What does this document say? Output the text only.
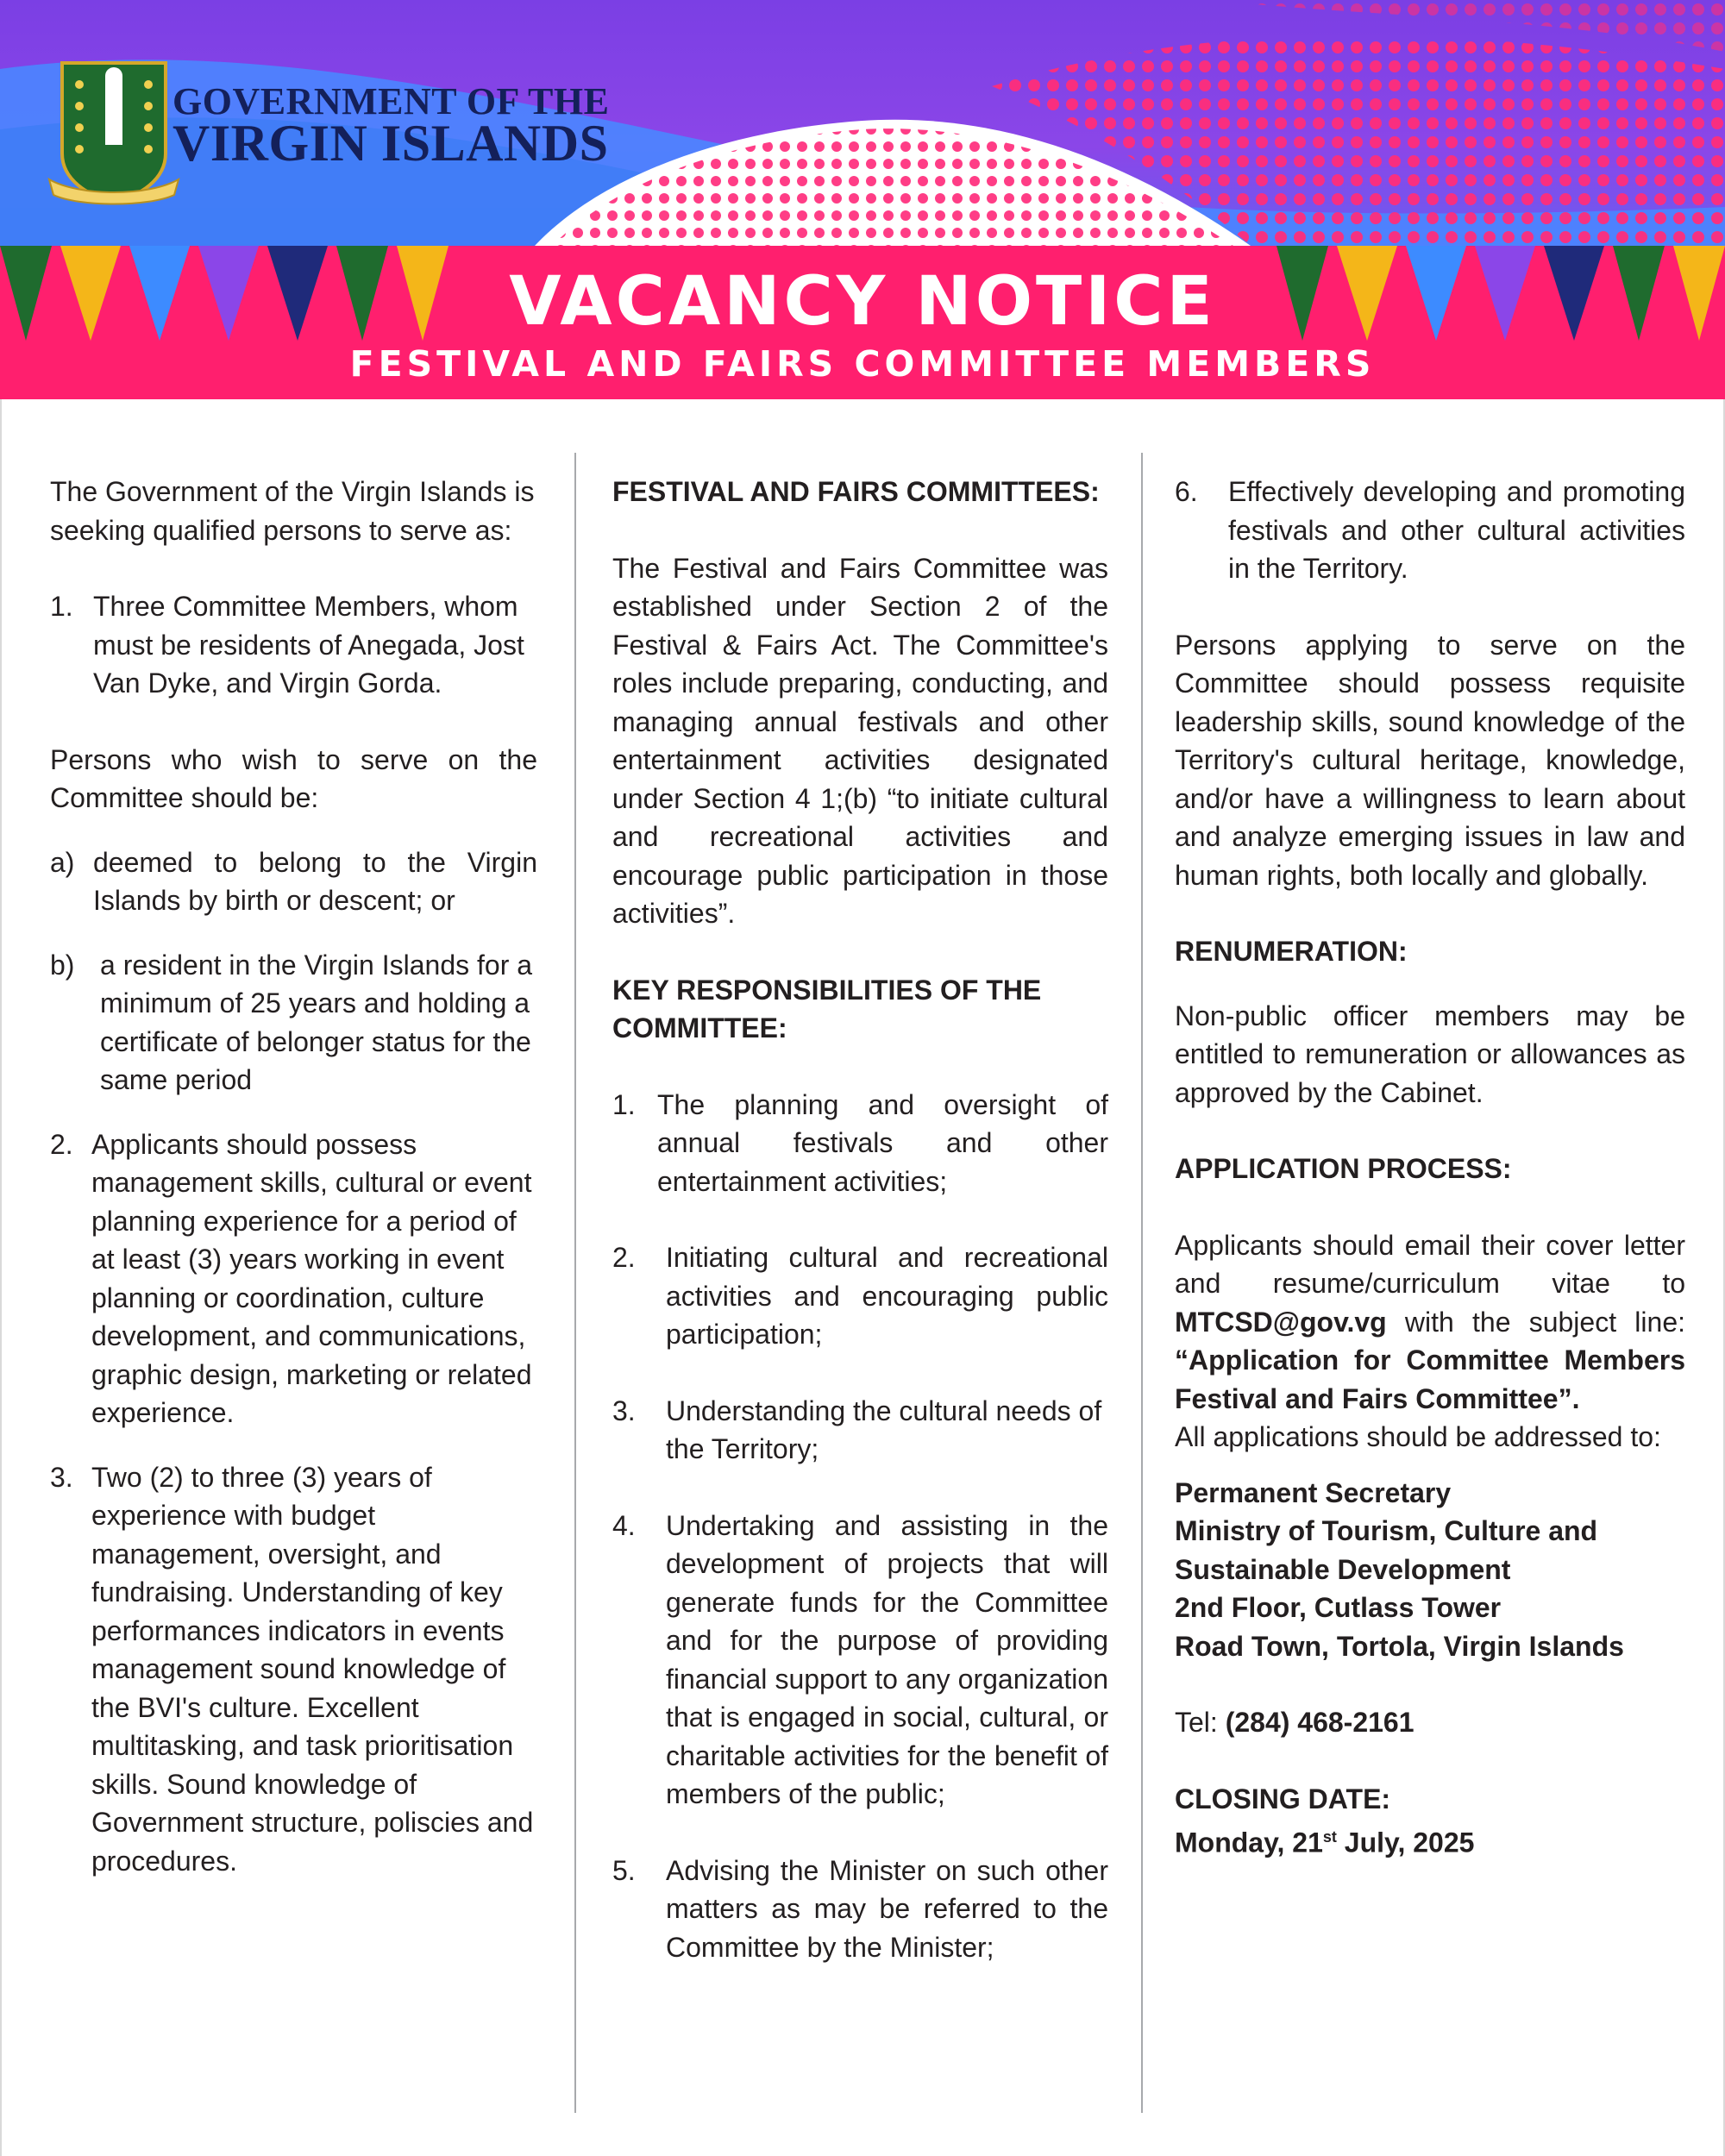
GOVERNMENT OF THE
VIRGIN ISLANDS
VACANCY NOTICE
FESTIVAL AND FAIRS COMMITTEE MEMBERS

The Government of the Virgin Islands is seeking qualified persons to serve as:

1. Three Committee Members, whom must be residents of Anegada, Jost Van Dyke, and Virgin Gorda.

Persons who wish to serve on the Committee should be:

a) deemed to belong to the Virgin Islands by birth or descent; or
b) a resident in the Virgin Islands for a minimum of 25 years and holding a certificate of belonger status for the same period
2. Applicants should possess management skills, cultural or event planning experience for a period of at least (3) years working in event planning or coordination, culture development, and communications, graphic design, marketing or related experience.
3. Two (2) to three (3) years of experience with budget management, oversight, and fundraising. Understanding of key performances indicators in events management sound knowledge of the BVI's culture. Excellent multitasking, and task prioritisation skills. Sound knowledge of Government structure, poliscies and procedures.

FESTIVAL AND FAIRS COMMITTEES:

The Festival and Fairs Committee was established under Section 2 of the Festival & Fairs Act. The Committee's roles include preparing, conducting, and managing annual festivals and other entertainment activities designated under Section 4 1;(b) “to initiate cultural and recreational activities and encourage public participation in those activities”.

KEY RESPONSIBILITIES OF THE COMMITTEE:

1. The planning and oversight of annual festivals and other entertainment activities;
2.	Initiating cultural and recreational activities and encouraging public participation;
3.	Understanding the cultural needs of the Territory;
4.	Undertaking and assisting in the development of projects that will generate funds for the Committee and for the purpose of providing financial support to any organization that is engaged in social, cultural, or charitable activities for the benefit of members of the public;
5.	Advising the Minister on such other matters as may be referred to the Committee by the Minister;
6.	Effectively developing and promoting festivals and other cultural activities in the Territory.

Persons applying to serve on the Committee should possess requisite leadership skills, sound knowledge of the Territory's cultural heritage, knowledge, and/or have a willingness to learn about and analyze emerging issues in law and human rights, both locally and globally.

RENUMERATION:

Non-public officer members may be entitled to remuneration or allowances as approved by the Cabinet.

APPLICATION PROCESS:

Applicants should email their cover letter and resume/curriculum vitae to MTCSD@gov.vg with the subject line: “Application for Committee Members Festival and Fairs Committee”.

All applications should be addressed to:

Permanent Secretary

Ministry of Tourism, Culture and

Sustainable Development

2nd Floor, Cutlass Tower

Road Town, Tortola, Virgin Islands

Tel: (284) 468-2161

CLOSING DATE:

Monday, 21st July, 2025
